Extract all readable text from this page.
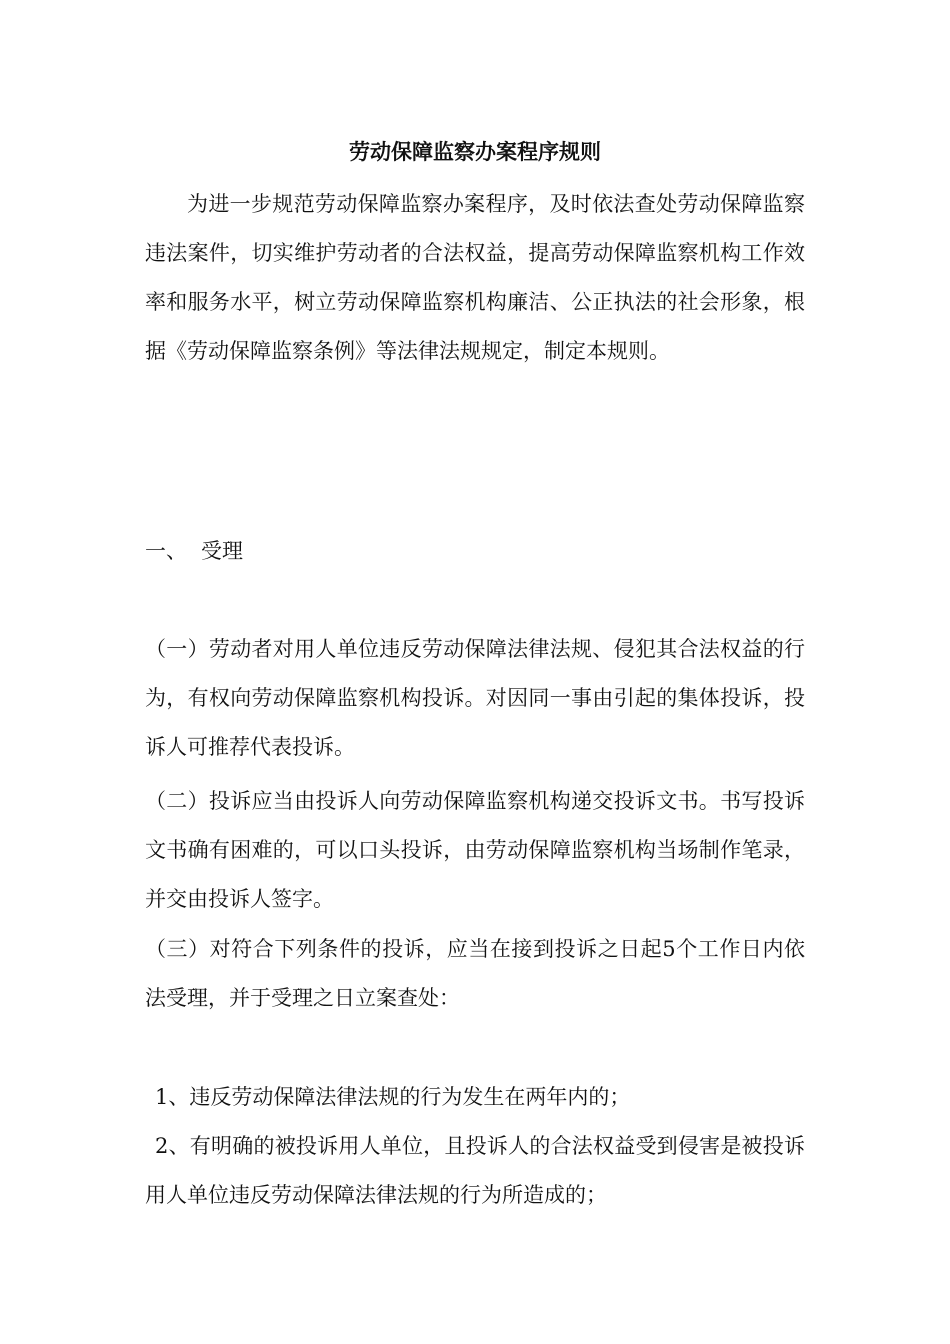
劳动保障监察办案程序规则
为进一步规范劳动保障监察办案程序，及时依法查处劳动保障监察违法案件，切实维护劳动者的合法权益，提高劳动保障监察机构工作效率和服务水平，树立劳动保障监察机构廉洁、公正执法的社会形象，根据《劳动保障监察条例》等法律法规规定，制定本规则。
一、 受理
（一）劳动者对用人单位违反劳动保障法律法规、侵犯其合法权益的行为，有权向劳动保障监察机构投诉。对因同一事由引起的集体投诉，投诉人可推荐代表投诉。
（二）投诉应当由投诉人向劳动保障监察机构递交投诉文书。书写投诉文书确有困难的，可以口头投诉，由劳动保障监察机构当场制作笔录，并交由投诉人签字。
（三）对符合下列条件的投诉，应当在接到投诉之日起5个工作日内依法受理，并于受理之日立案查处：
1、违反劳动保障法律法规的行为发生在两年内的；
2、有明确的被投诉用人单位，且投诉人的合法权益受到侵害是被投诉用人单位违反劳动保障法律法规的行为所造成的；
